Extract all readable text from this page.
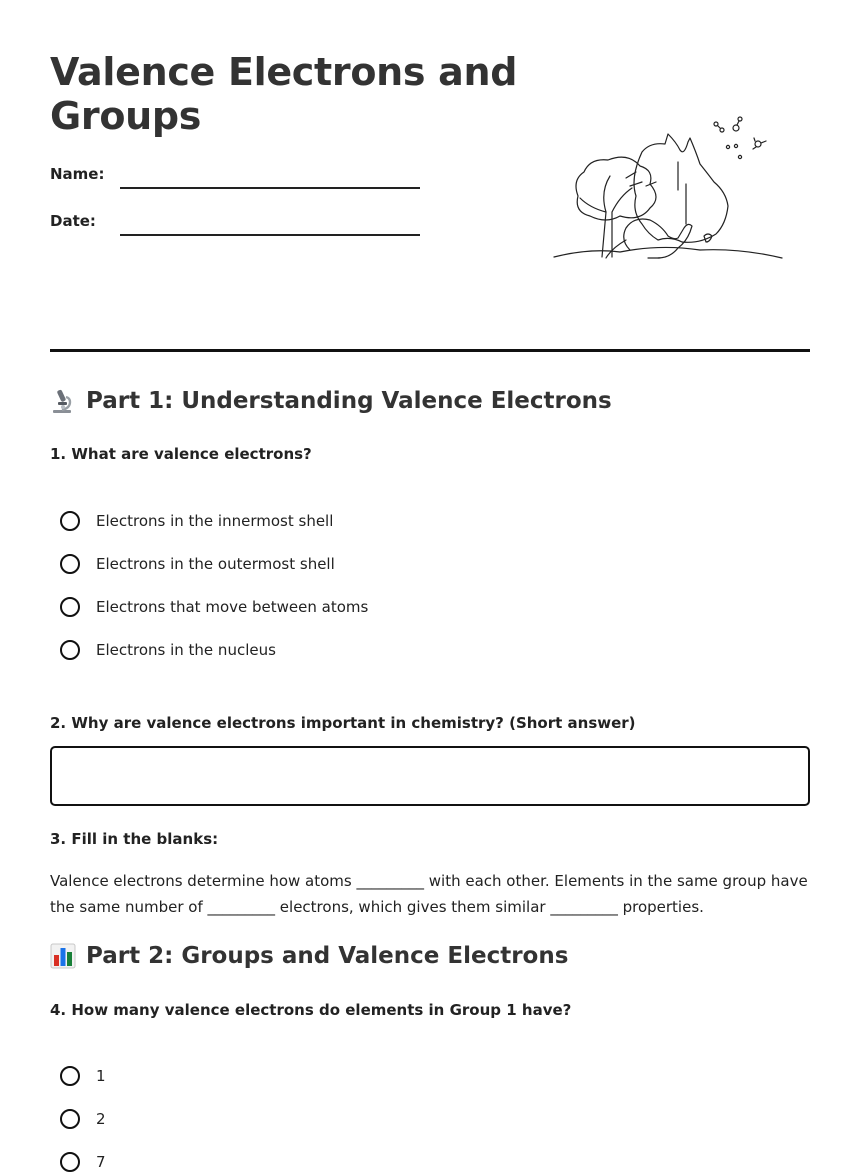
Valence Electrons and Groups
Name:
Date:
Part 1: Understanding Valence Electrons
1. What are valence electrons?
Electrons in the innermost shell
Electrons in the outermost shell
Electrons that move between atoms
Electrons in the nucleus
2. Why are valence electrons important in chemistry? (Short answer)
3. Fill in the blanks:

Valence electrons determine how atoms _________ with each other. Elements in the same group have the same number of _________ electrons, which gives them similar _________ properties.

Part 2: Groups and Valence Electrons
4. How many valence electrons do elements in Group 1 have?
1
2
7
